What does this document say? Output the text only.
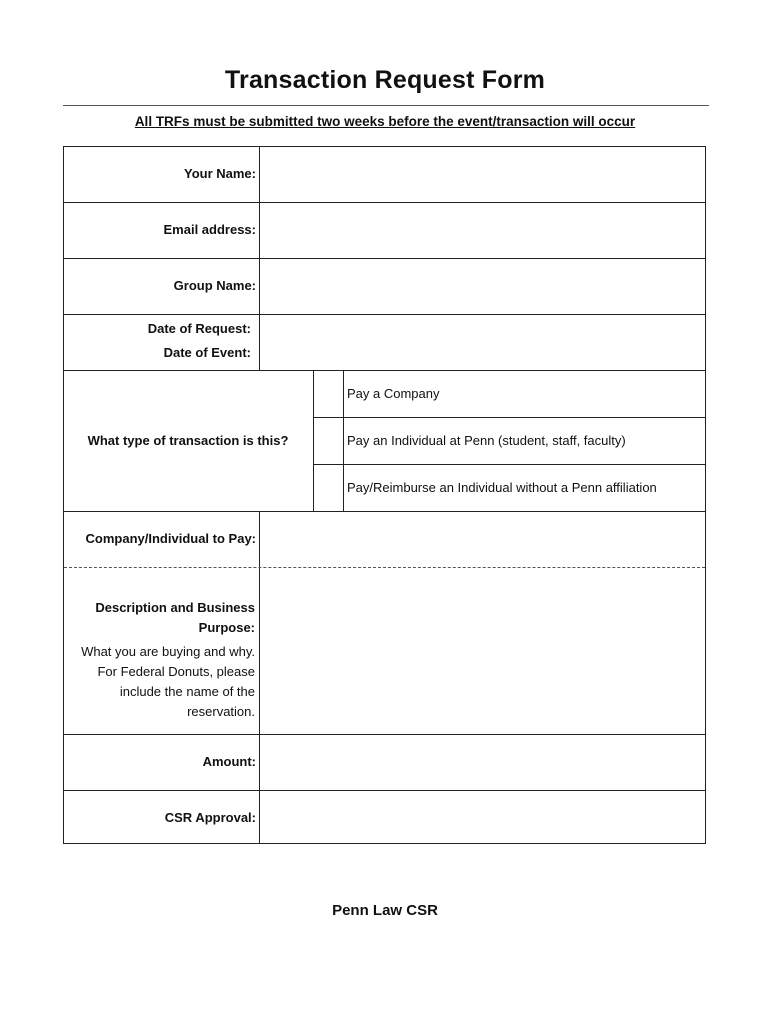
Transaction Request Form
All TRFs must be submitted two weeks before the event/transaction will occur
Your Name:
Email address:
Group Name:
Date of Request:
Date of Event:
What type of transaction is this?
Pay a Company
Pay an Individual at Penn (student, staff, faculty)
Pay/Reimburse an Individual without a Penn affiliation
Company/Individual to Pay:
Description and Business
Purpose:
What you are buying and why. For Federal Donuts, please include the name of the reservation.
Amount:
CSR Approval:
Penn Law CSR
